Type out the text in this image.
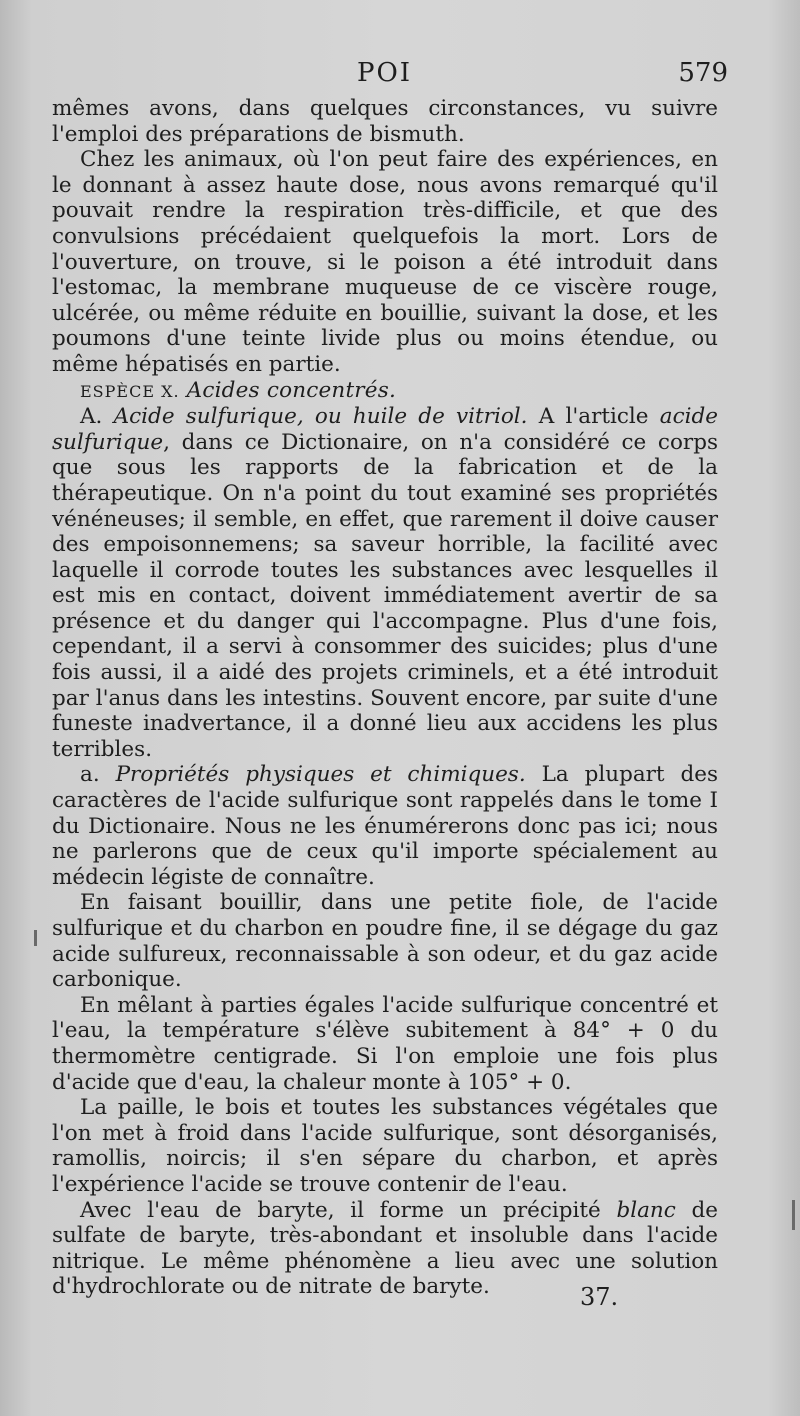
POI	579

mêmes avons, dans quelques circonstances, vu suivre l'emploi des préparations de bismuth.

Chez les animaux, où l'on peut faire des expériences, en le donnant à assez haute dose, nous avons remarqué qu'il pouvait rendre la respiration très-difficile, et que des convulsions précédaient quelquefois la mort. Lors de l'ouverture, on trouve, si le poison a été introduit dans l'estomac, la membrane muqueuse de ce viscère rouge, ulcérée, ou même réduite en bouillie, suivant la dose, et les poumons d'une teinte livide plus ou moins étendue, ou même hépatisés en partie.

ESPÈCE X. Acides concentrés.

A. Acide sulfurique, ou huile de vitriol. A l'article acide sulfurique, dans ce Dictionaire, on n'a considéré ce corps que sous les rapports de la fabrication et de la thérapeutique. On n'a point du tout examiné ses propriétés vénéneuses; il semble, en effet, que rarement il doive causer des empoisonnemens; sa saveur horrible, la facilité avec laquelle il corrode toutes les substances avec lesquelles il est mis en contact, doivent immédiatement avertir de sa présence et du danger qui l'accompagne. Plus d'une fois, cependant, il a servi à consommer des suicides; plus d'une fois aussi, il a aidé des projets criminels, et a été introduit par l'anus dans les intestins. Souvent encore, par suite d'une funeste inadvertance, il a donné lieu aux accidens les plus terribles.

a. Propriétés physiques et chimiques. La plupart des caractères de l'acide sulfurique sont rappelés dans le tome I du Dictionaire. Nous ne les énumérerons donc pas ici; nous ne parlerons que de ceux qu'il importe spécialement au médecin légiste de connaître.

En faisant bouillir, dans une petite fiole, de l'acide sulfurique et du charbon en poudre fine, il se dégage du gaz acide sulfureux, reconnaissable à son odeur, et du gaz acide carbonique.

En mêlant à parties égales l'acide sulfurique concentré et l'eau, la température s'élève subitement à 84° + 0 du thermomètre centigrade. Si l'on emploie une fois plus d'acide que d'eau, la chaleur monte à 105° + 0.

La paille, le bois et toutes les substances végétales que l'on met à froid dans l'acide sulfurique, sont désorganisés, ramollis, noircis; il s'en sépare du charbon, et après l'expérience l'acide se trouve contenir de l'eau.

Avec l'eau de baryte, il forme un précipité blanc de sulfate de baryte, très-abondant et insoluble dans l'acide nitrique. Le même phénomène a lieu avec une solution d'hydrochlorate ou de nitrate de baryte.	37.
